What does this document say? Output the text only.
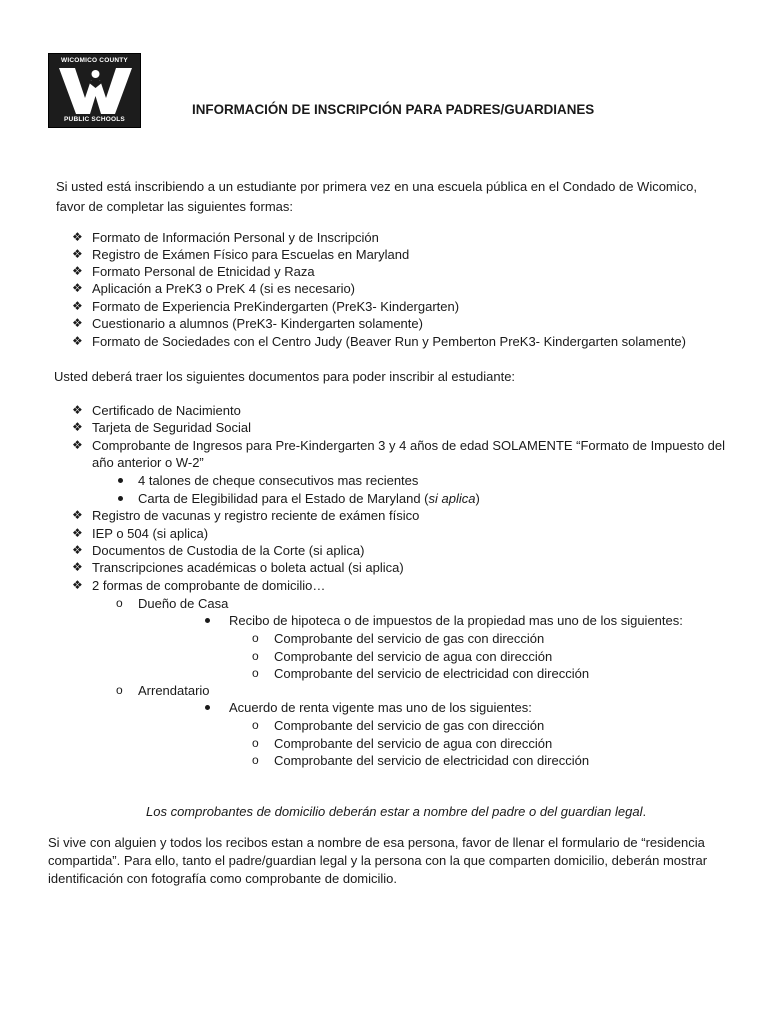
WICOMICO COUNTY
PUBLIC SCHOOLS
INFORMACIÓN DE INSCRIPCIÓN PARA PADRES/GUARDIANES
Si usted está inscribiendo a un estudiante por primera vez en una escuela pública en el Condado de Wicomico,
favor de completar las siguientes formas:
❖ Formato de Información Personal y de Inscripción
❖ Registro de Exámen Físico para Escuelas en Maryland
❖ Formato Personal de Etnicidad y Raza
❖ Aplicación a PreK3 o PreK 4 (si es necesario)
❖ Formato de Experiencia PreKindergarten (PreK3- Kindergarten)
❖ Cuestionario a alumnos (PreK3- Kindergarten solamente)
❖ Formato de Sociedades con el Centro Judy (Beaver Run y Pemberton PreK3- Kindergarten solamente)
Usted deberá traer los siguientes documentos para poder inscribir al estudiante:
❖ Certificado de Nacimiento
❖ Tarjeta de Seguridad Social
❖ Comprobante de Ingresos para Pre-Kindergarten 3 y 4 años de edad SOLAMENTE “Formato de Impuesto del
año anterior o W-2”
4 talones de cheque consecutivos mas recientes
Carta de Elegibilidad para el Estado de Maryland (si aplica)
❖ Registro de vacunas y registro reciente de exámen físico
❖ IEP o 504 (si aplica)
❖ Documentos de Custodia de la Corte (si aplica)
❖ Transcripciones académicas o boleta actual (si aplica)
❖ 2 formas de comprobante de domicilio…
o Dueño de Casa
Recibo de hipoteca o de impuestos de la propiedad mas uno de los siguientes:
o Comprobante del servicio de gas con dirección
o Comprobante del servicio de agua con dirección
o Comprobante del servicio de electricidad con dirección
o Arrendatario
Acuerdo de renta vigente mas uno de los siguientes:
o Comprobante del servicio de gas con dirección
o Comprobante del servicio de agua con dirección
o Comprobante del servicio de electricidad con dirección
Los comprobantes de domicilio deberán estar a nombre del padre o del guardian legal.
Si vive con alguien y todos los recibos estan a nombre de esa persona, favor de llenar el formulario de “residencia
compartida”. Para ello, tanto el padre/guardian legal y la persona con la que comparten domicilio, deberán mostrar
identificación con fotografía como comprobante de domicilio.
